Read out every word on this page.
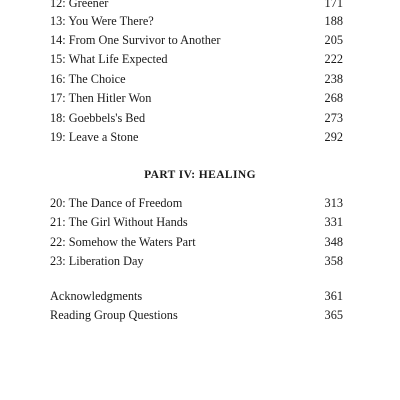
12: Greener	171
13: You Were There?	188
14: From One Survivor to Another	205
15: What Life Expected	222
16: The Choice	238
17: Then Hitler Won	268
18: Goebbels's Bed	273
19: Leave a Stone	292
PART IV: HEALING
20: The Dance of Freedom	313
21: The Girl Without Hands	331
22: Somehow the Waters Part	348
23: Liberation Day	358
Acknowledgments	361
Reading Group Questions	365
